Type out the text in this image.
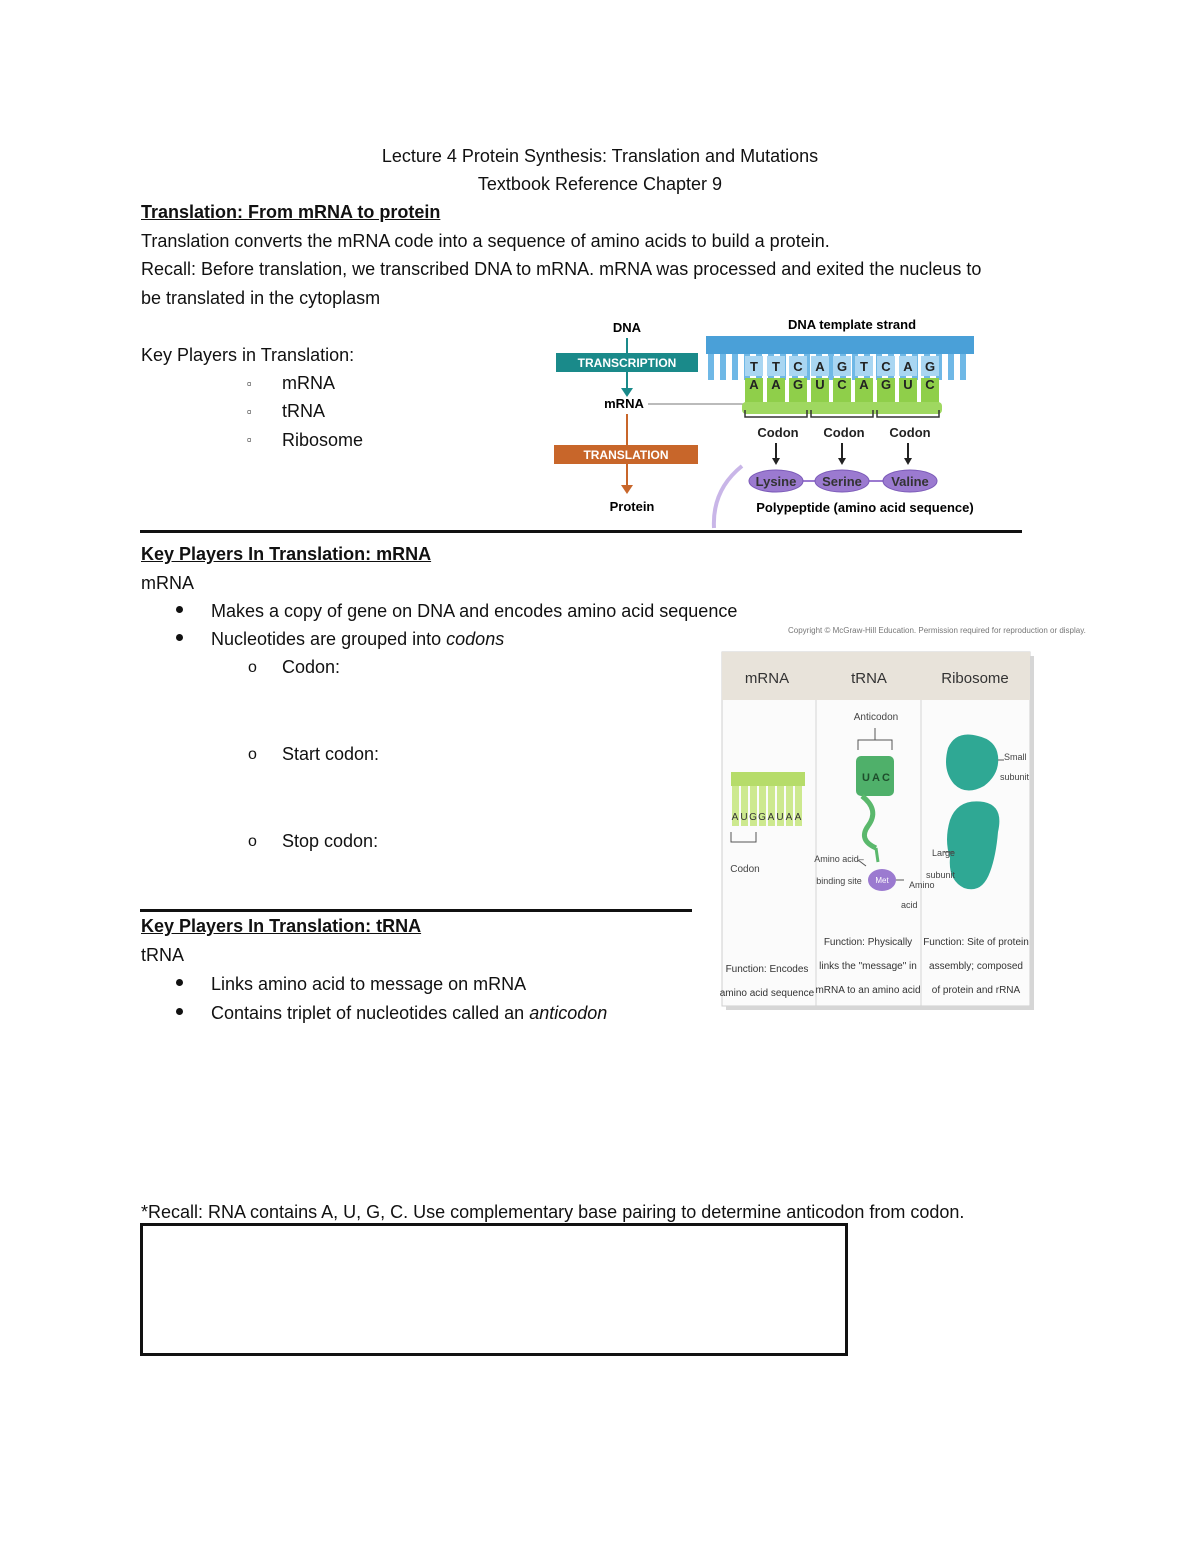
Lecture 4 Protein Synthesis: Translation and Mutations
Textbook Reference Chapter 9
Translation: From mRNA to protein
Translation converts the mRNA code into a sequence of amino acids to build a protein.
Recall: Before translation, we transcribed DNA to mRNA. mRNA was processed and exited the nucleus to
be translated in the cytoplasm
Key Players in Translation:
▫ mRNA
▫ tRNA
▫ Ribosome
DNA
TRANSCRIPTION
mRNA
TRANSLATION
Protein
DNA template strand
T T C A G T C A G
A A G U C A G U C
Codon Codon Codon
Lysine Serine Valine
Polypeptide (amino acid sequence)
Key Players In Translation: mRNA
mRNA
Makes a copy of gene on DNA and encodes amino acid sequence
Nucleotides are grouped into codons
o Codon:
o Start codon:
o Stop codon:
Copyright © McGraw-Hill Education. Permission required for reproduction or display.
mRNA	tRNA	Ribosome
A U G G A U A A
Codon
Function: Encodes
amino acid sequence
Anticodon
U A C
Met
Amino acid–
binding site	Amino
acid
Function: Physically
links the "message" in
mRNA to an amino acid
Small
subunit
Large
subunit
Function: Site of protein
assembly; composed
of protein and rRNA
Key Players In Translation: tRNA
tRNA
Links amino acid to message on mRNA
Contains triplet of nucleotides called an anticodon
*Recall: RNA contains A, U, G, C. Use complementary base pairing to determine anticodon from codon.
